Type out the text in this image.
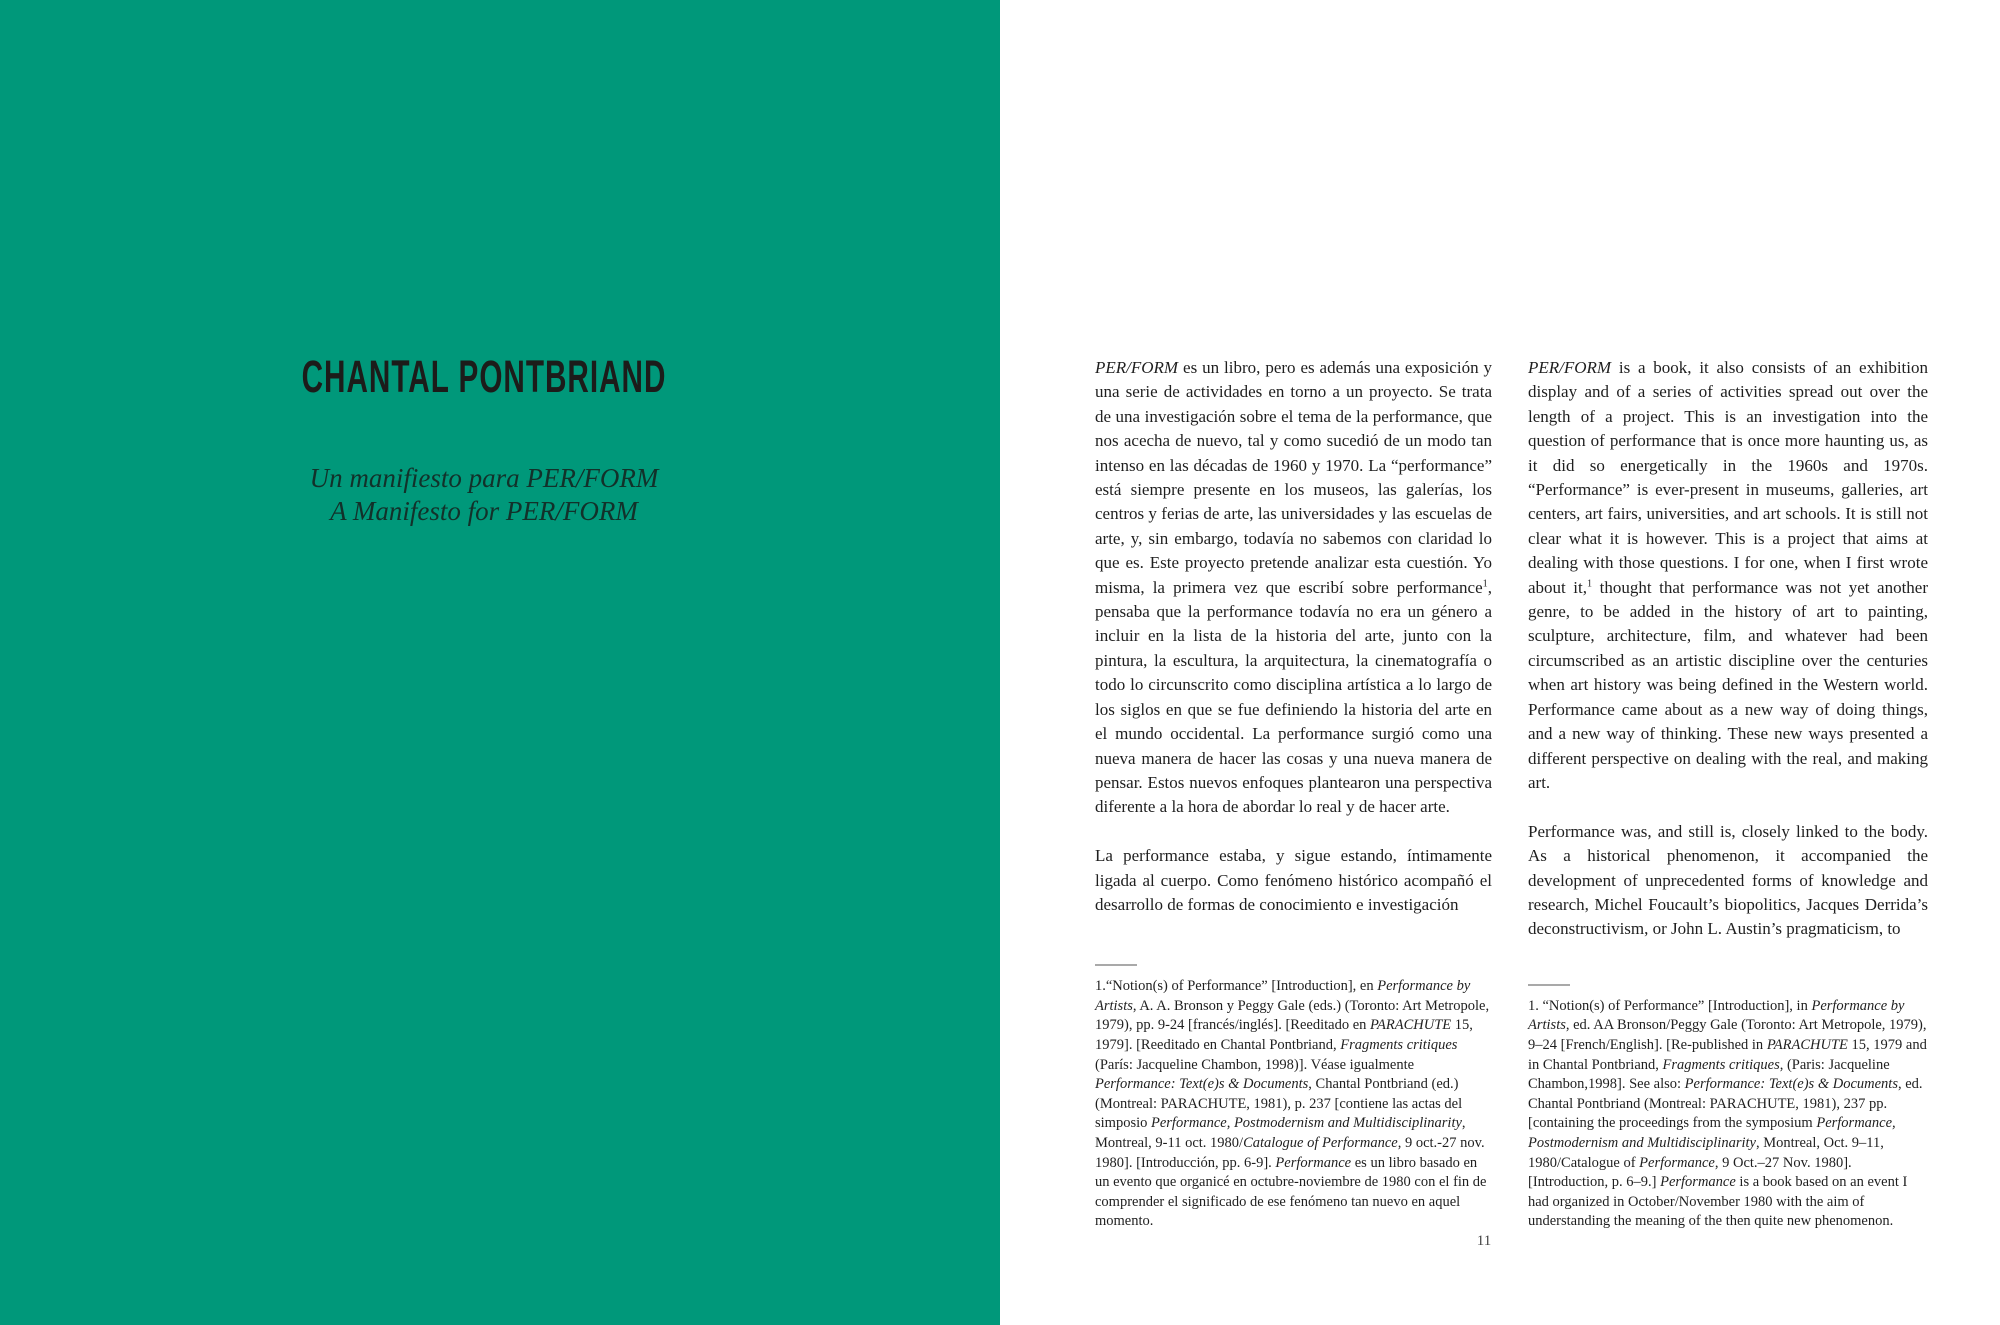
CHANTAL PONTBRIAND
Un manifiesto para PER/FORM
A Manifesto for PER/FORM

PER/FORM es un libro, pero es además una exposición y una serie de actividades en torno a un proyecto. Se trata de una investigación sobre el tema de la performance, que nos acecha de nuevo, tal y como sucedió de un modo tan intenso en las décadas de 1960 y 1970. La “performance” está siempre presente en los museos, las galerías, los centros y ferias de arte, las universidades y las escuelas de arte, y, sin embargo, todavía no sabemos con claridad lo que es. Este proyecto pretende analizar esta cuestión. Yo misma, la primera vez que escribí sobre performance$^1$, pensaba que la performance todavía no era un género a incluir en la lista de la historia del arte, junto con la pintura, la escultura, la arquitectura, la cinematografía o todo lo circunscrito como disciplina artística a lo largo de los siglos en que se fue definiendo la historia del arte en el mundo occidental. La performance surgió como una nueva manera de hacer las cosas y una nueva manera de pensar. Estos nuevos enfoques plantearon una perspectiva diferente a la hora de abordar lo real y de hacer arte.

La performance estaba, y sigue estando, íntimamente ligada al cuerpo. Como fenómeno histórico acompañó el desarrollo de formas de conocimiento e investigación

1.“Notion(s) of Performance” [Introduction], en Performance by Artists, A. A. Bronson y Peggy Gale (eds.) (Toronto: Art Metropole, 1979), pp. 9-24 [francés/inglés]. [Reeditado en PARACHUTE 15, 1979]. [Reeditado en Chantal Pontbriand, Fragments critiques (París: Jacqueline Chambon, 1998)]. Véase igualmente Performance: Text(e)s & Documents, Chantal Pontbriand (ed.) (Montreal: PARACHUTE, 1981), p. 237 [contiene las actas del simposio Performance, Postmodernism and Multidisciplinarity, Montreal, 9-11 oct. 1980/Catalogue of Performance, 9 oct.-27 nov. 1980]. [Introducción, pp. 6-9]. Performance es un libro basado en un evento que organicé en octubre-noviembre de 1980 con el fin de comprender el significado de ese fenómeno tan nuevo en aquel momento.

PER/FORM is a book, it also consists of an exhibition display and of a series of activities spread out over the length of a project. This is an investigation into the question of performance that is once more haunting us, as it did so energetically in the 1960s and 1970s. “Performance” is ever-present in museums, galleries, art centers, art fairs, universities, and art schools. It is still not clear what it is however. This is a project that aims at dealing with those questions. I for one, when I first wrote about it,$^1$ thought that performance was not yet another genre, to be added in the history of art to painting, sculpture, architecture, film, and whatever had been circumscribed as an artistic discipline over the centuries when art history was being defined in the Western world. Performance came about as a new way of doing things, and a new way of thinking. These new ways presented a different perspective on dealing with the real, and making art.

Performance was, and still is, closely linked to the body. As a historical phenomenon, it accompanied the development of unprecedented forms of knowledge and research, Michel Foucault’s biopolitics, Jacques Derrida’s deconstructivism, or John L. Austin’s pragmaticism, to

1. “Notion(s) of Performance” [Introduction], in Performance by Artists, ed. AA Bronson/Peggy Gale (Toronto: Art Metropole, 1979), 9–24 [French/English]. [Re-published in PARACHUTE 15, 1979 and in Chantal Pontbriand, Fragments critiques, (Paris: Jacqueline Chambon,1998]. See also: Performance: Text(e)s & Documents, ed. Chantal Pontbriand (Montreal: PARACHUTE, 1981), 237 pp. [containing the proceedings from the symposium Performance, Postmodernism and Multidisciplinarity, Montreal, Oct. 9–11, 1980/Catalogue of Performance, 9 Oct.–27 Nov. 1980]. [Introduction, p. 6–9.] Performance is a book based on an event I had organized in October/November 1980 with the aim of understanding the meaning of the then quite new phenomenon.

11
